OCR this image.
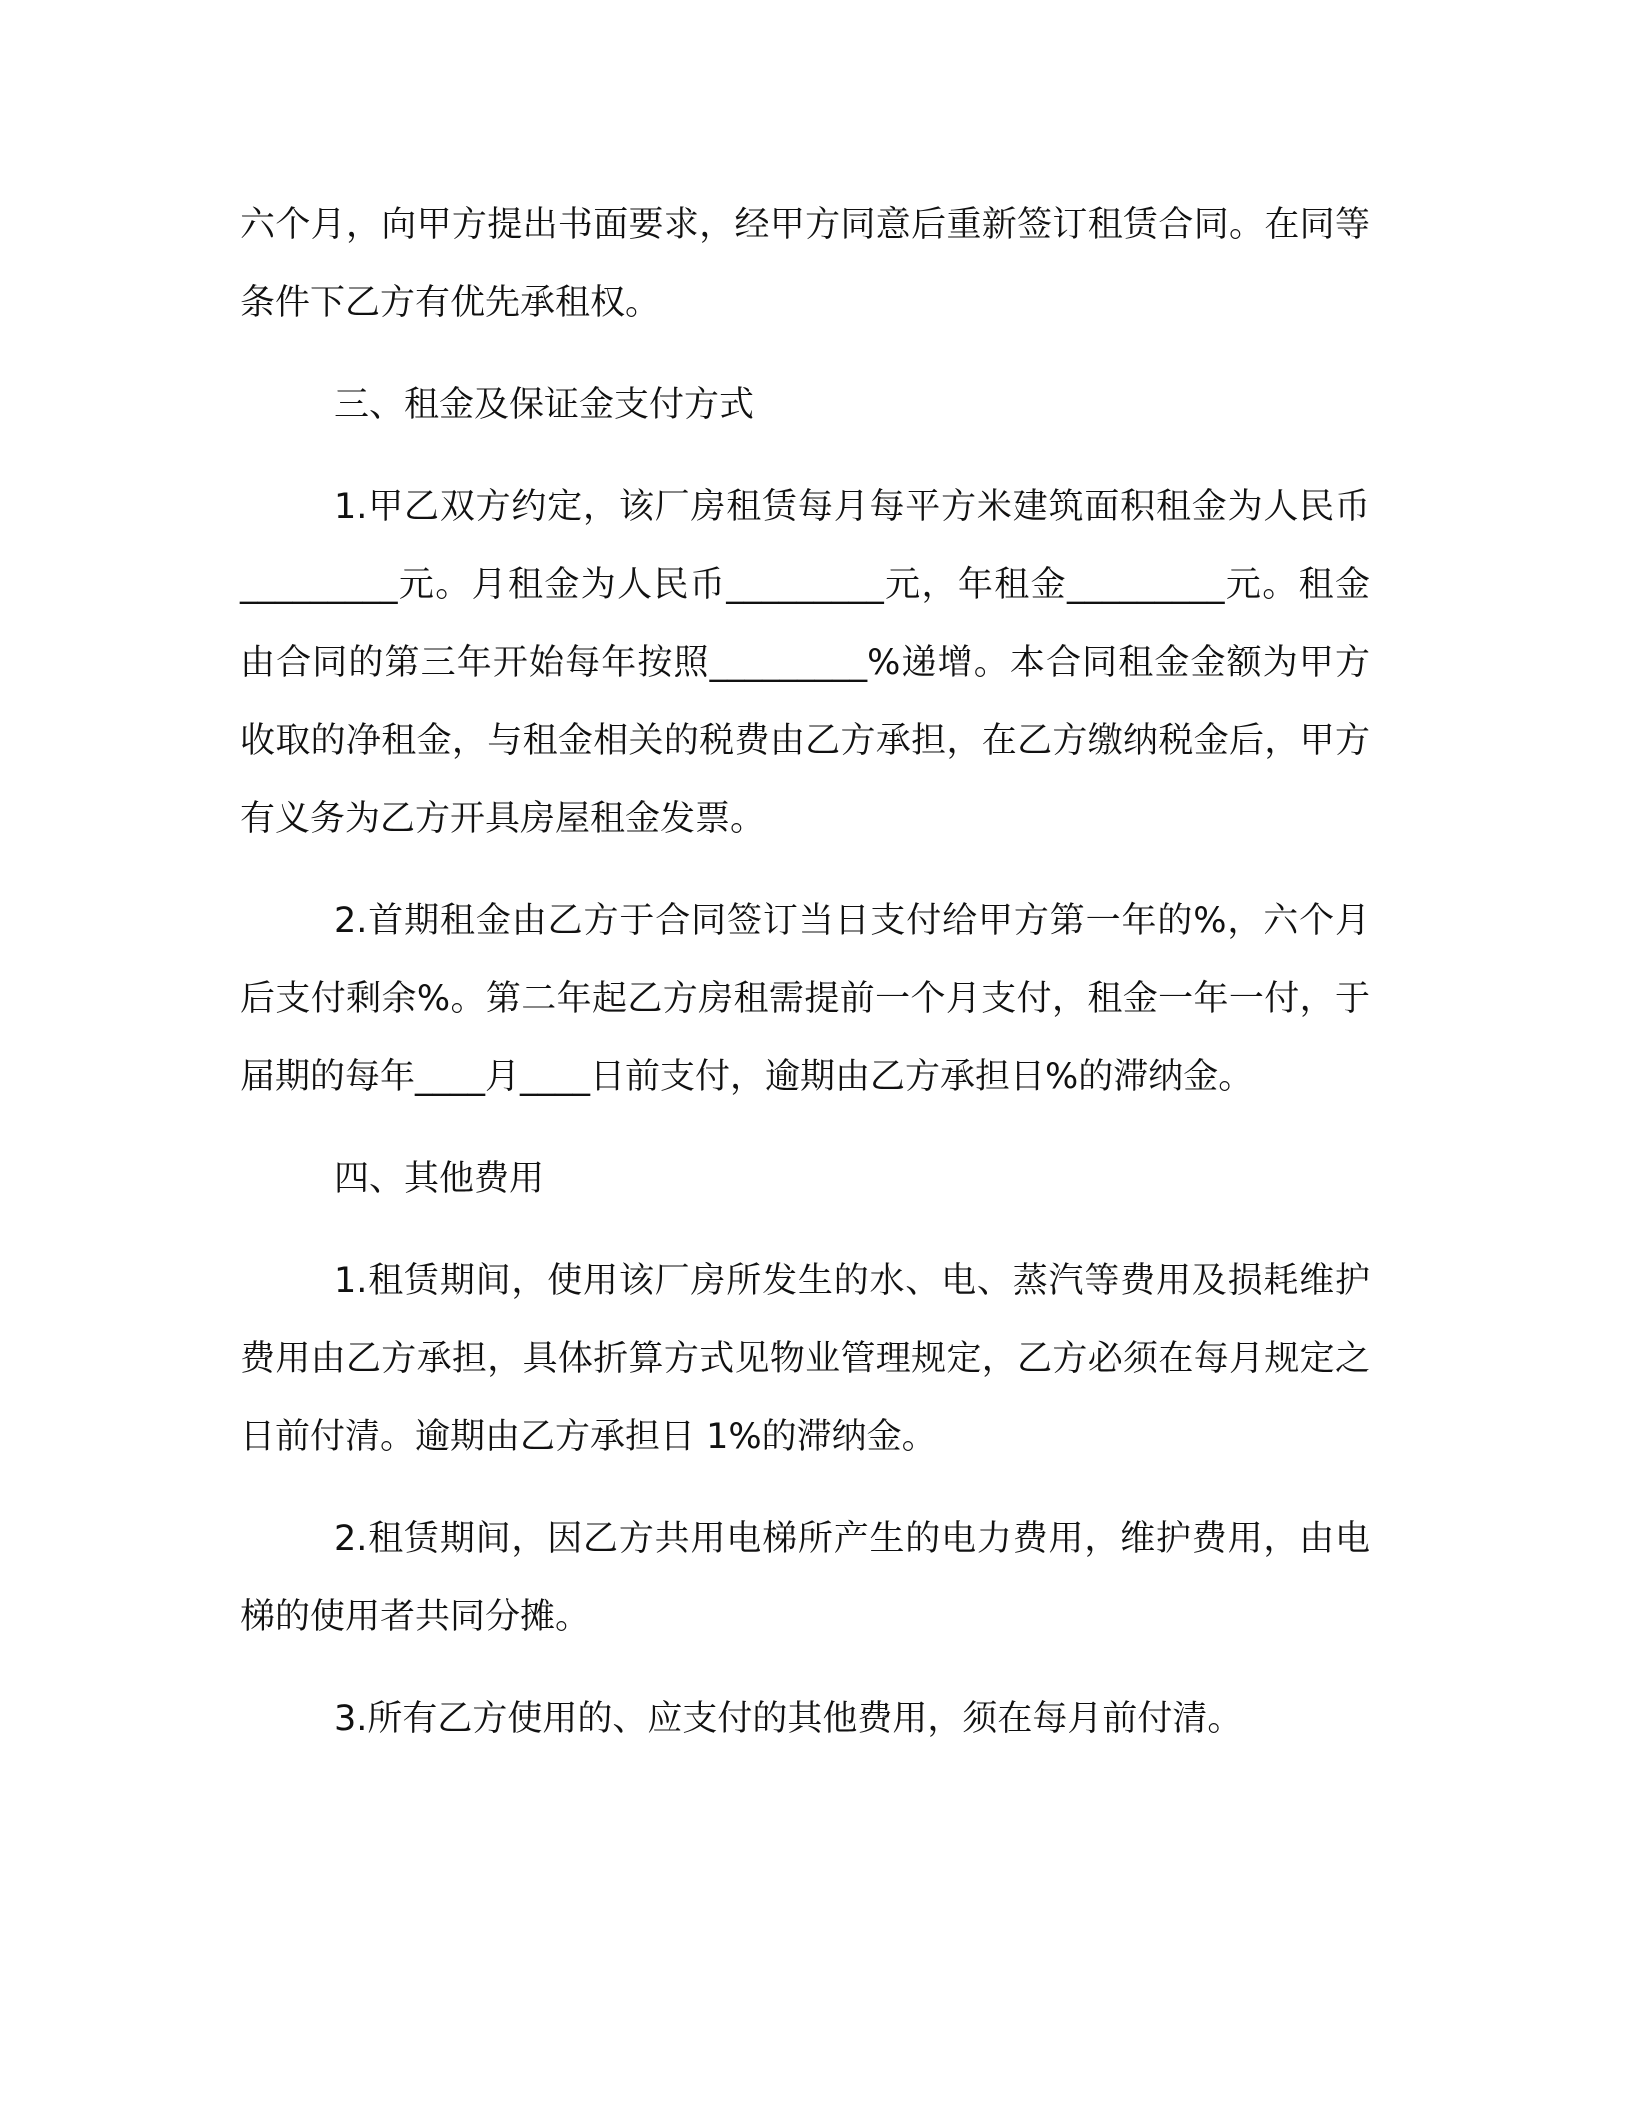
六个月，向甲方提出书面要求，经甲方同意后重新签订租赁合同。在同等条件下乙方有优先承租权。

三、租金及保证金支付方式

1.甲乙双方约定，该厂房租赁每月每平方米建筑面积租金为人民币_________元。月租金为人民币_________元，年租金_________元。租金由合同的第三年开始每年按照_________%递增。本合同租金金额为甲方收取的净租金，与租金相关的税费由乙方承担，在乙方缴纳税金后，甲方有义务为乙方开具房屋租金发票。

2.首期租金由乙方于合同签订当日支付给甲方第一年的%，六个月后支付剩余%。第二年起乙方房租需提前一个月支付，租金一年一付，于届期的每年____月____日前支付，逾期由乙方承担日%的滞纳金。

四、其他费用

1.租赁期间，使用该厂房所发生的水、电、蒸汽等费用及损耗维护费用由乙方承担，具体折算方式见物业管理规定，乙方必须在每月规定之日前付清。逾期由乙方承担日 1%的滞纳金。

2.租赁期间，因乙方共用电梯所产生的电力费用，维护费用，由电梯的使用者共同分摊。

3.所有乙方使用的、应支付的其他费用，须在每月前付清。
